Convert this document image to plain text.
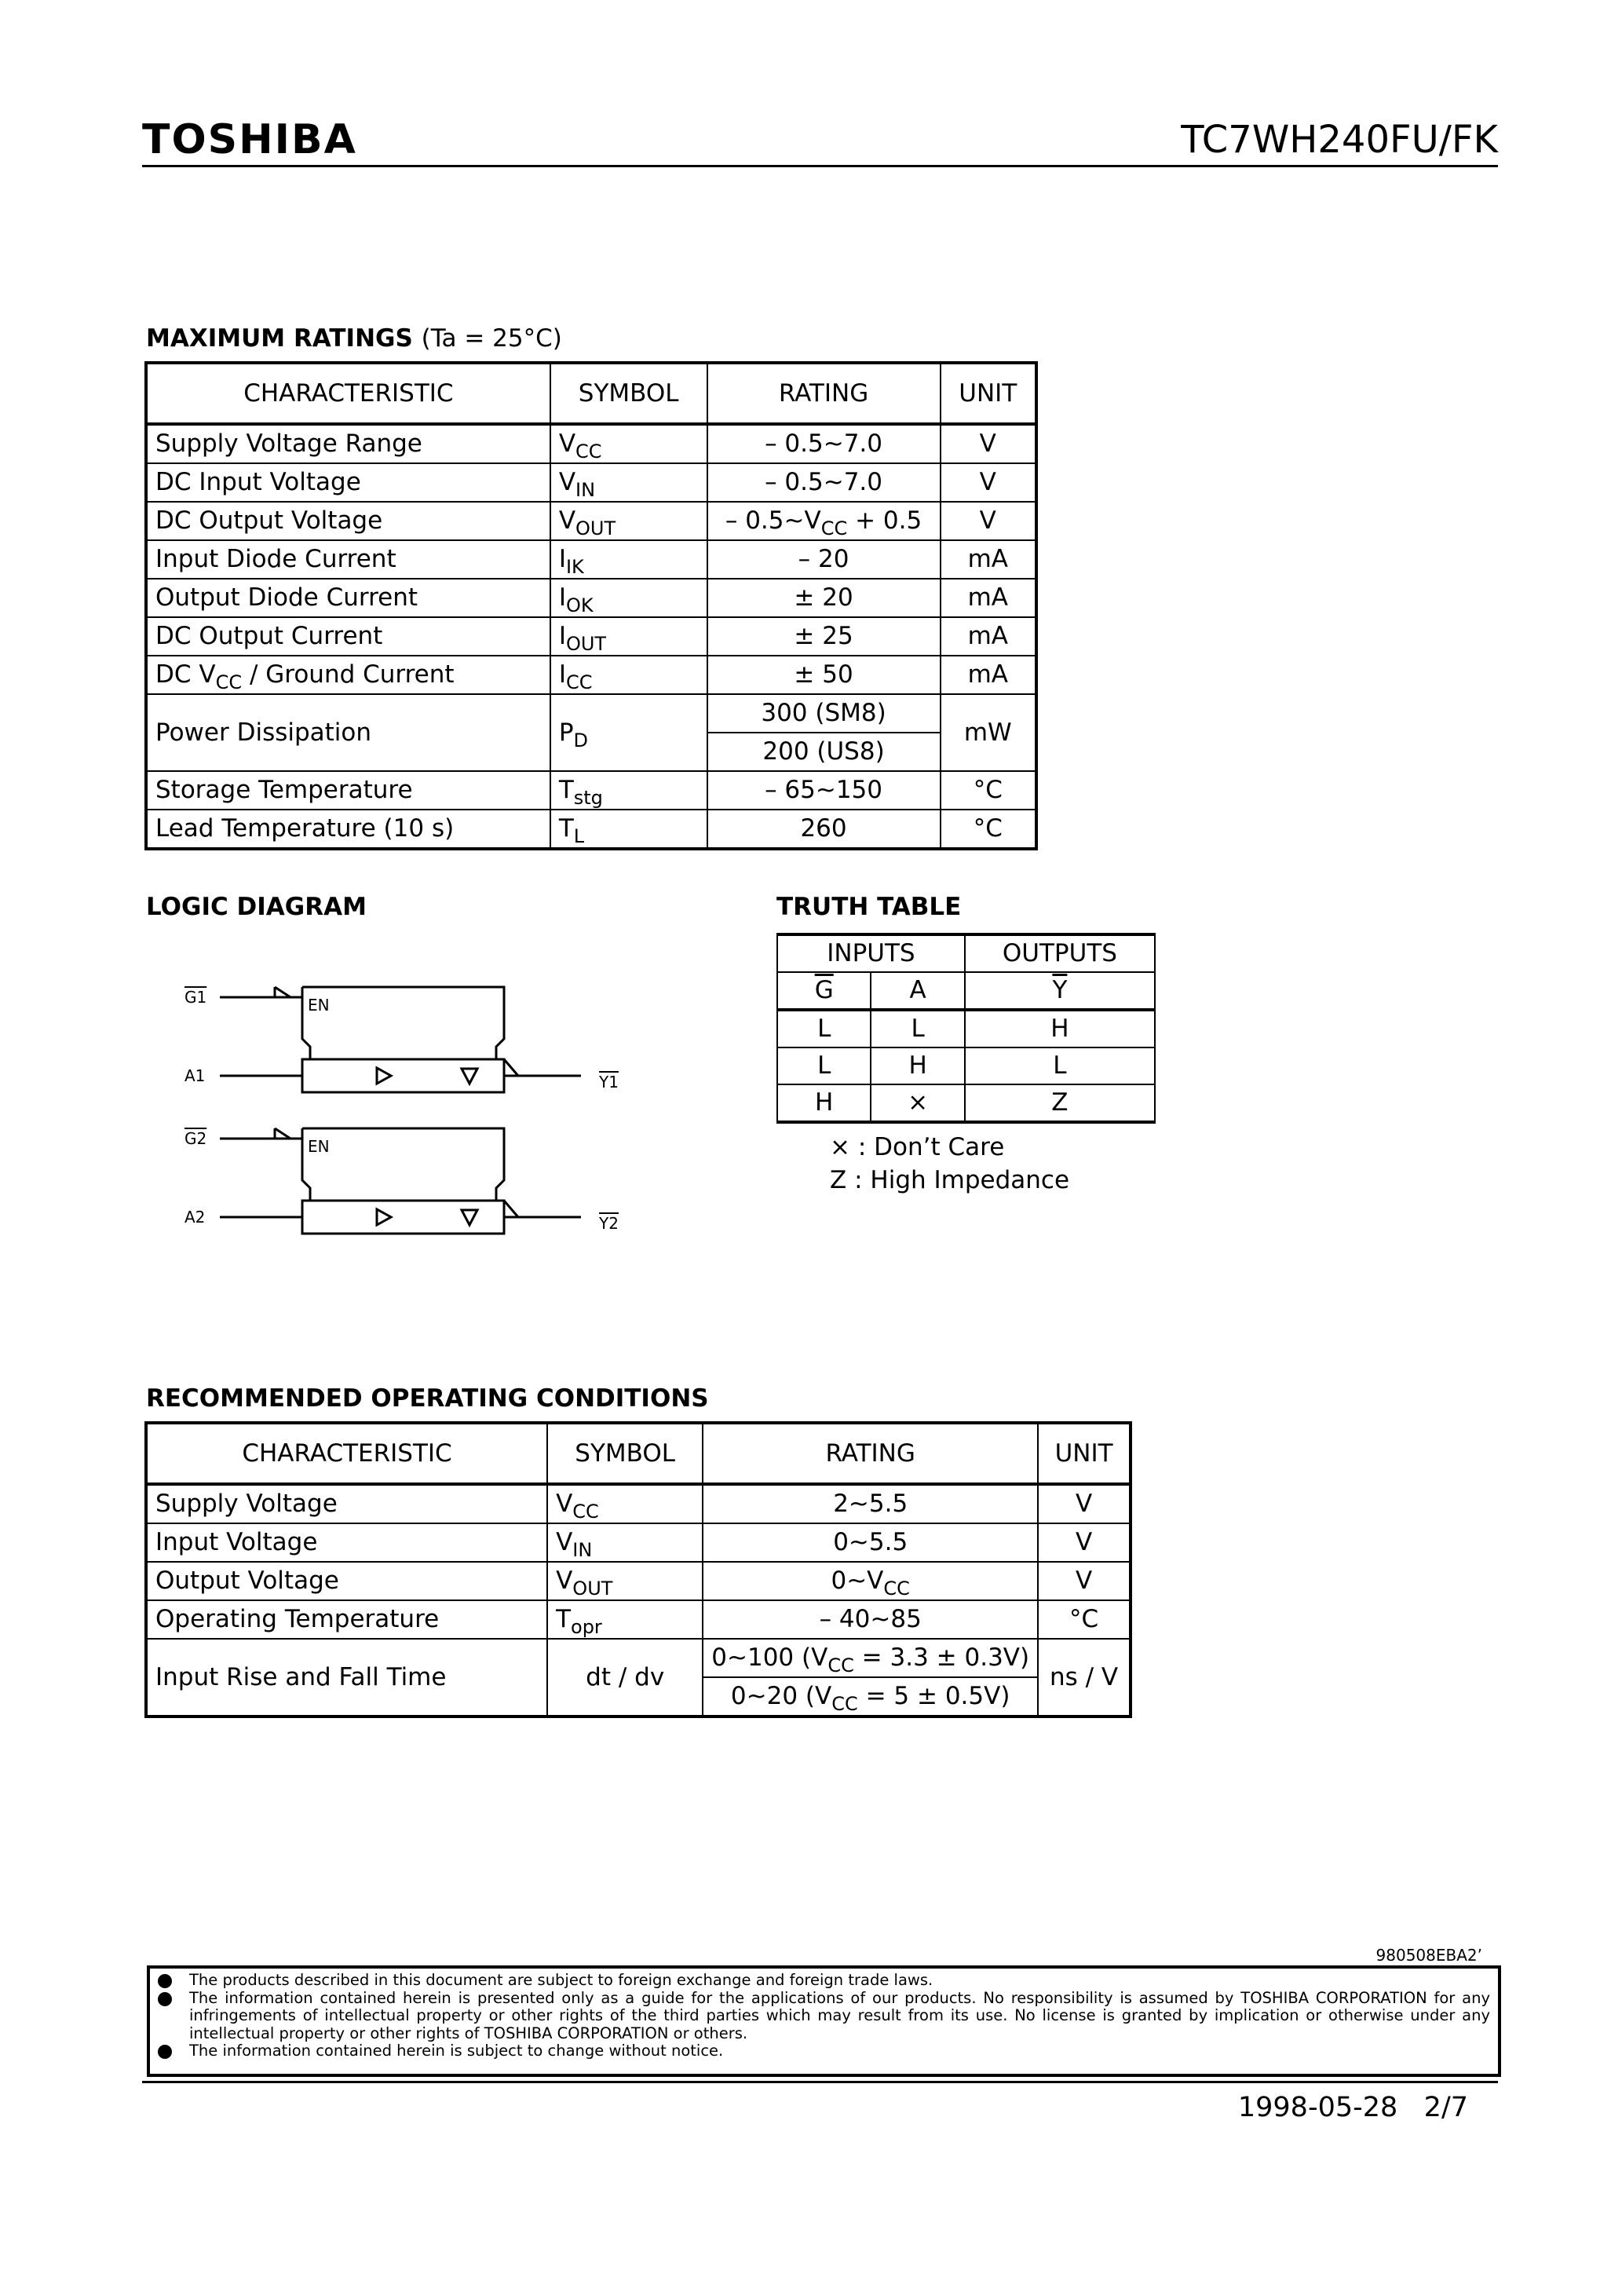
TOSHIBA	TC7WH240FU/FK
MAXIMUM RATINGS (Ta = 25°C)
CHARACTERISTIC	SYMBOL	RATING	UNIT
Supply Voltage Range	$V_{CC}$	– 0.5~7.0	V
DC Input Voltage	$V_{IN}$	– 0.5~7.0	V
DC Output Voltage	$V_{OUT}$	– $0.5\sim V_{CC} + 0.5$	V
Input Diode Current	$I_{IK}$	– 20	mA
Output Diode Current	$I_{OK}$	± 20	mA
DC Output Current	$I_{OUT}$	± 25	mA
DC $V_{CC}$ / Ground Current	$I_{CC}$	± 50	mA
Power Dissipation	$P_D$	300 (SM8)	mW
		200 (US8)	
Storage Temperature	$T_{stg}$	– 65~150	°C
Lead Temperature (10 s)	$T_L$	260	°C
LOGIC DIAGRAM
G1	EN
A1	Y1
G2	EN
A2	Y2
TRUTH TABLE
INPUTS		OUTPUTS
$\overline{G}$	A	$\overline{Y}$
L	L	H
L	H	L
H	×	Z
× : Don’t Care
Z : High Impedance
RECOMMENDED OPERATING CONDITIONS
CHARACTERISTIC	SYMBOL	RATING	UNIT
Supply Voltage	$V_{CC}$	2~5.5	V
Input Voltage	$V_{IN}$	0~5.5	V
Output Voltage	$V_{OUT}$	$0\sim V_{CC}$	V
Operating Temperature	$T_{opr}$	– 40~85	°C
Input Rise and Fall Time	dt / dv	0~100 $(V_{CC} = 3.3 \pm 0.3V)$	ns / V
		0~20 $(V_{CC} = 5 \pm 0.5V)$	
980508EBA2’
The products described in this document are subject to foreign exchange and foreign trade laws.
The information contained herein is presented only as a guide for the applications of our products. No responsibility is assumed by TOSHIBA CORPORATION for any infringements of intellectual property or other rights of the third parties which may result from its use. No license is granted by implication or otherwise under any intellectual property or other rights of TOSHIBA CORPORATION or others.
The information contained herein is subject to change without notice.
1998-05-28 2/7
